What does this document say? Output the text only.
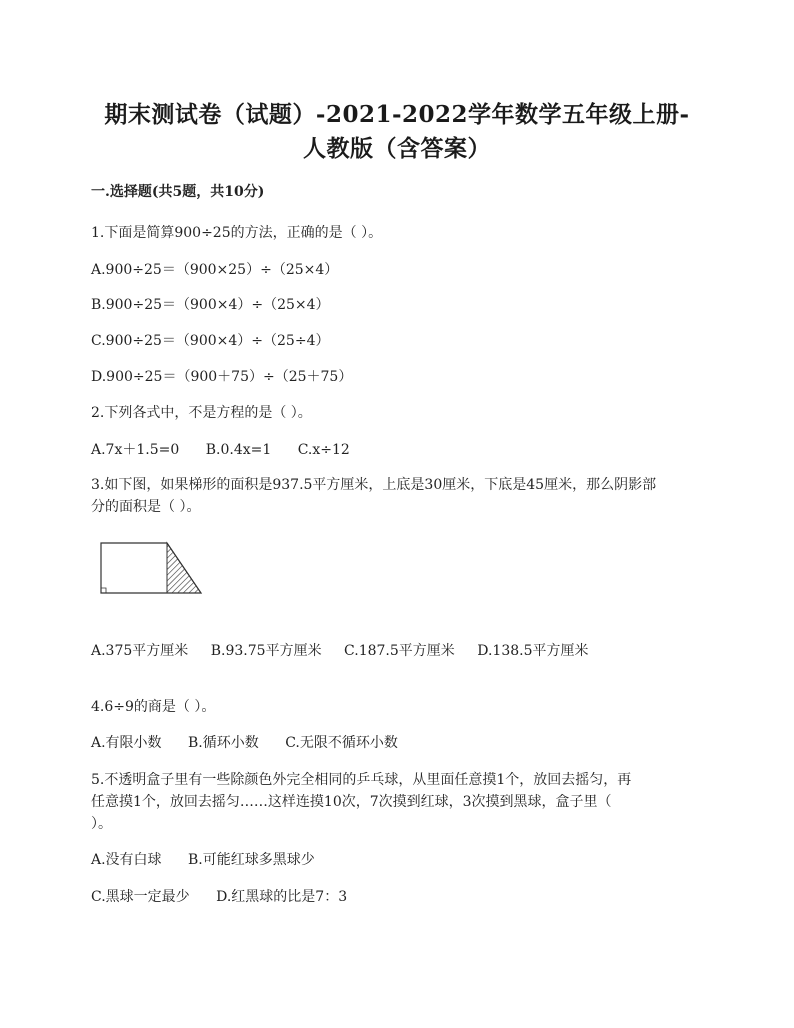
期末测试卷（试题）-2021-2022学年数学五年级上册-
人教版（含答案）
一.选择题(共5题，共10分)
1.下面是简算900÷25的方法，正确的是（ ）。
A.900÷25＝（900×25）÷（25×4）
B.900÷25＝（900×4）÷（25×4）
C.900÷25＝（900×4）÷（25÷4）
D.900÷25＝（900＋75）÷（25＋75）
2.下列各式中，不是方程的是（ ）。
A.7x＋1.5=0 B.0.4x=1 C.x÷12
3.如下图，如果梯形的面积是937.5平方厘米，上底是30厘米，下底是45厘米，那么阴影部
分的面积是（ ）。
A.375平方厘米 B.93.75平方厘米 C.187.5平方厘米 D.138.5平方厘米
4.6÷9的商是（ ）。
A.有限小数 B.循环小数 C.无限不循环小数
5.不透明盒子里有一些除颜色外完全相同的乒乓球，从里面任意摸1个，放回去摇匀，再
任意摸1个，放回去摇匀……这样连摸10次，7次摸到红球，3次摸到黑球，盒子里（
）。
A.没有白球 B.可能红球多黑球少
C.黑球一定最少 D.红黑球的比是7：3
